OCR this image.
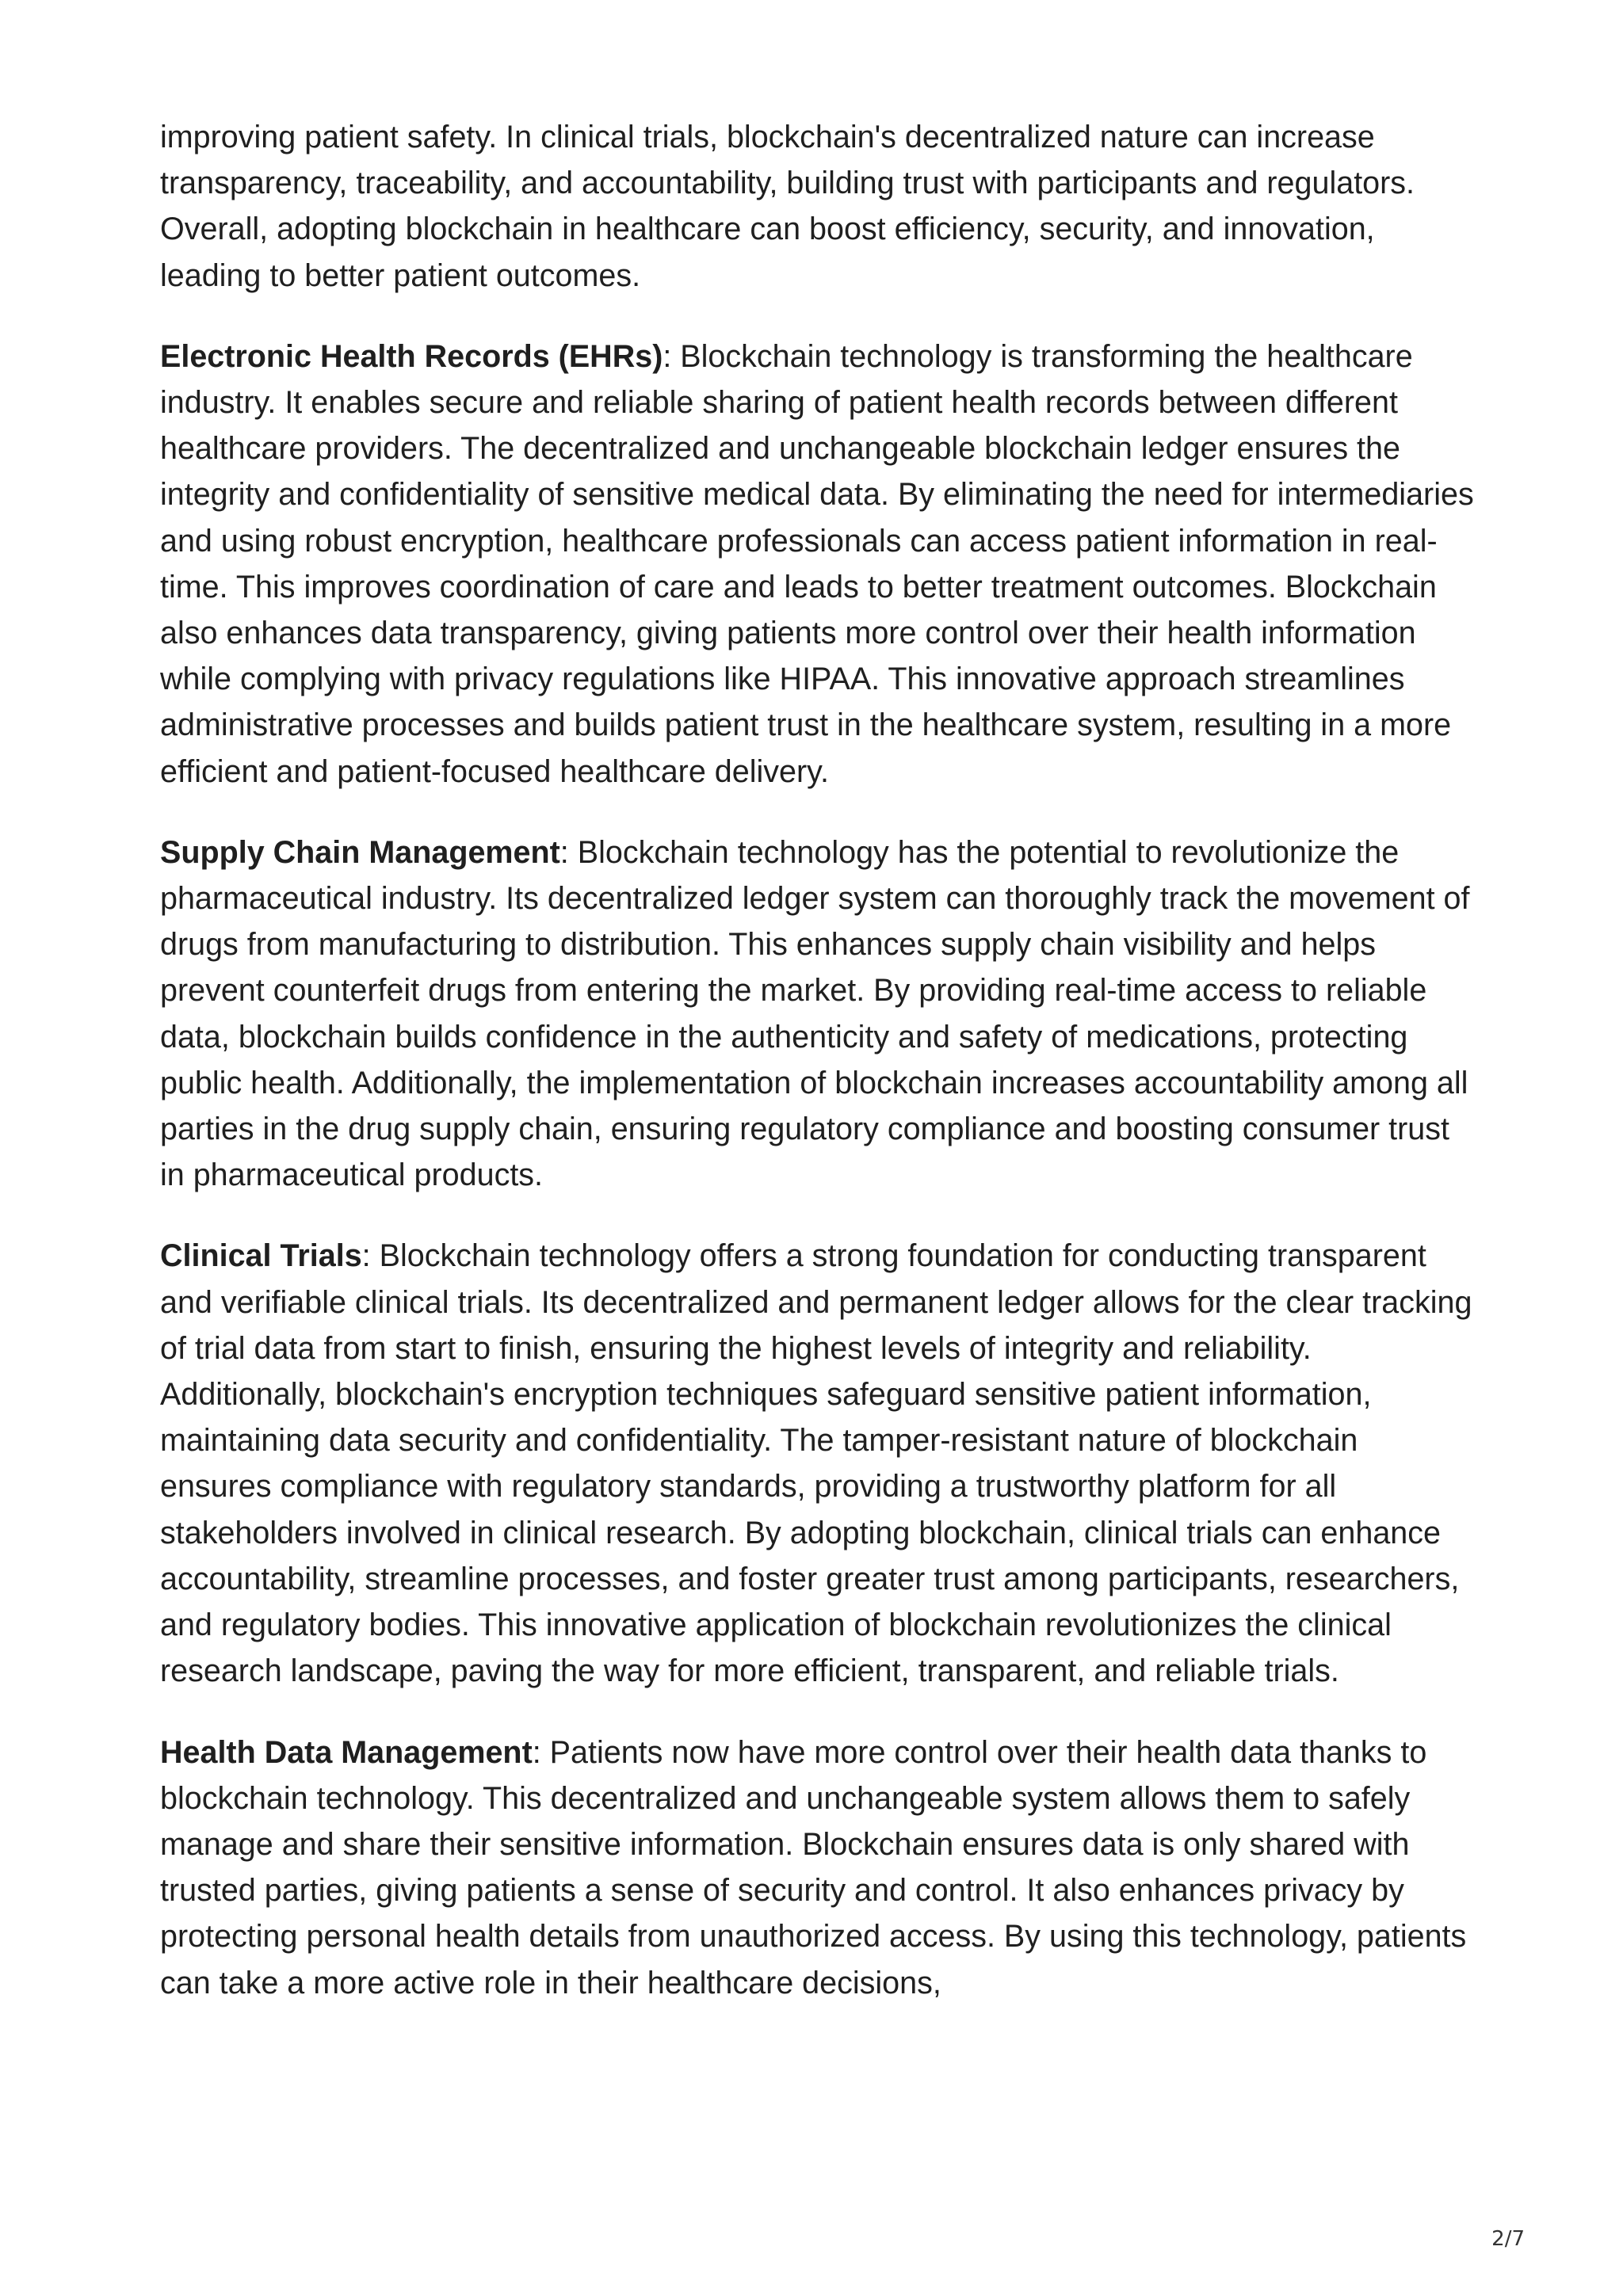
improving patient safety. In clinical trials, blockchain's decentralized nature can increase transparency, traceability, and accountability, building trust with participants and regulators. Overall, adopting blockchain in healthcare can boost efficiency, security, and innovation, leading to better patient outcomes.

Electronic Health Records (EHRs): Blockchain technology is transforming the healthcare industry. It enables secure and reliable sharing of patient health records between different healthcare providers. The decentralized and unchangeable blockchain ledger ensures the integrity and confidentiality of sensitive medical data. By eliminating the need for intermediaries and using robust encryption, healthcare professionals can access patient information in real-time. This improves coordination of care and leads to better treatment outcomes. Blockchain also enhances data transparency, giving patients more control over their health information while complying with privacy regulations like HIPAA. This innovative approach streamlines administrative processes and builds patient trust in the healthcare system, resulting in a more efficient and patient-focused healthcare delivery.

Supply Chain Management: Blockchain technology has the potential to revolutionize the pharmaceutical industry. Its decentralized ledger system can thoroughly track the movement of drugs from manufacturing to distribution. This enhances supply chain visibility and helps prevent counterfeit drugs from entering the market. By providing real-time access to reliable data, blockchain builds confidence in the authenticity and safety of medications, protecting public health. Additionally, the implementation of blockchain increases accountability among all parties in the drug supply chain, ensuring regulatory compliance and boosting consumer trust in pharmaceutical products.

Clinical Trials: Blockchain technology offers a strong foundation for conducting transparent and verifiable clinical trials. Its decentralized and permanent ledger allows for the clear tracking of trial data from start to finish, ensuring the highest levels of integrity and reliability. Additionally, blockchain's encryption techniques safeguard sensitive patient information, maintaining data security and confidentiality. The tamper-resistant nature of blockchain ensures compliance with regulatory standards, providing a trustworthy platform for all stakeholders involved in clinical research. By adopting blockchain, clinical trials can enhance accountability, streamline processes, and foster greater trust among participants, researchers, and regulatory bodies. This innovative application of blockchain revolutionizes the clinical research landscape, paving the way for more efficient, transparent, and reliable trials.

Health Data Management: Patients now have more control over their health data thanks to blockchain technology. This decentralized and unchangeable system allows them to safely manage and share their sensitive information. Blockchain ensures data is only shared with trusted parties, giving patients a sense of security and control. It also enhances privacy by protecting personal health details from unauthorized access. By using this technology, patients can take a more active role in their healthcare decisions,

2/7
